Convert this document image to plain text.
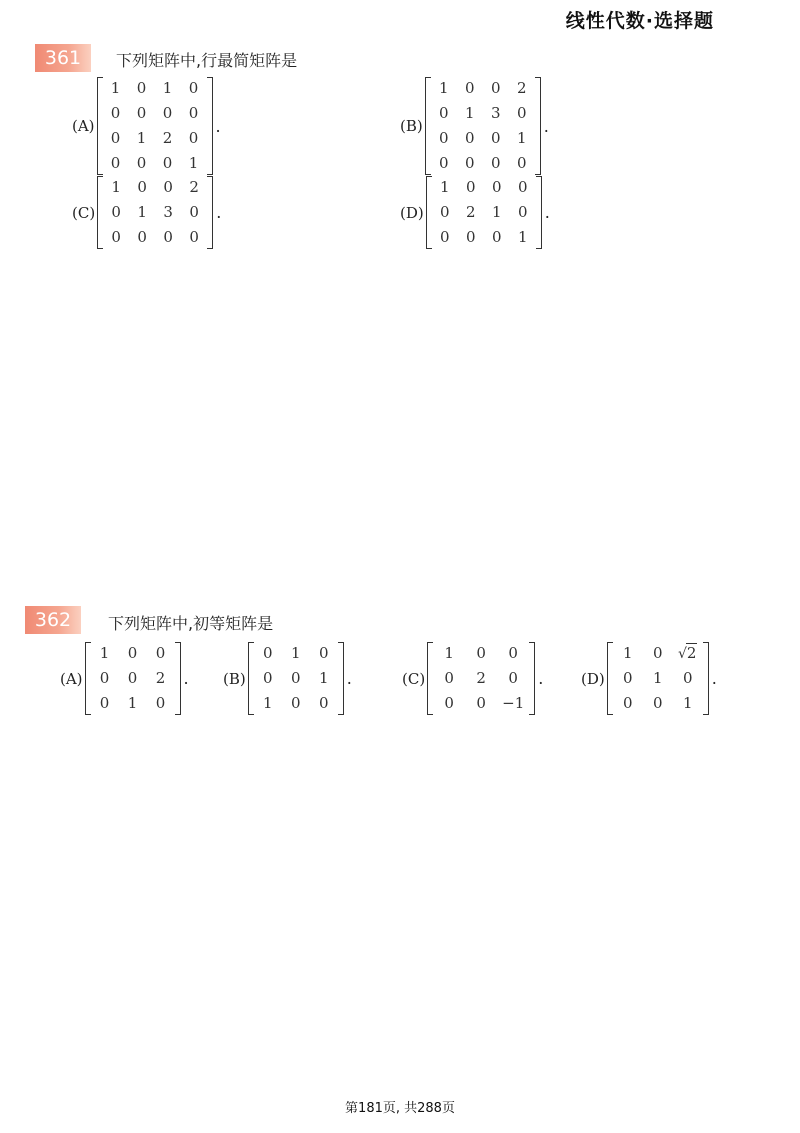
线性代数·选择题
361	下列矩阵中,行最简矩阵是
(A)
1	0	1	0
0	0	0	0
0	1	2	0
0	0	0	1
.	(B)
1	0	0	2
0	1	3	0
0	0	0	1
0	0	0	0
.
(C)
1	0	0	2
0	1	3	0
0	0	0	0
.	(D)
1	0	0	0
0	2	1	0
0	0	0	1
.
362	下列矩阵中,初等矩阵是
(A)
1	0	0
0	0	2
0	1	0
. (B)
0	1	0
0	0	1
1	0	0
.	(C)
1	0	0
0	2	0
0	0	−1
.	(D)
1	0	√2
0	1	0
0	0	1
.
第181页, 共288页
